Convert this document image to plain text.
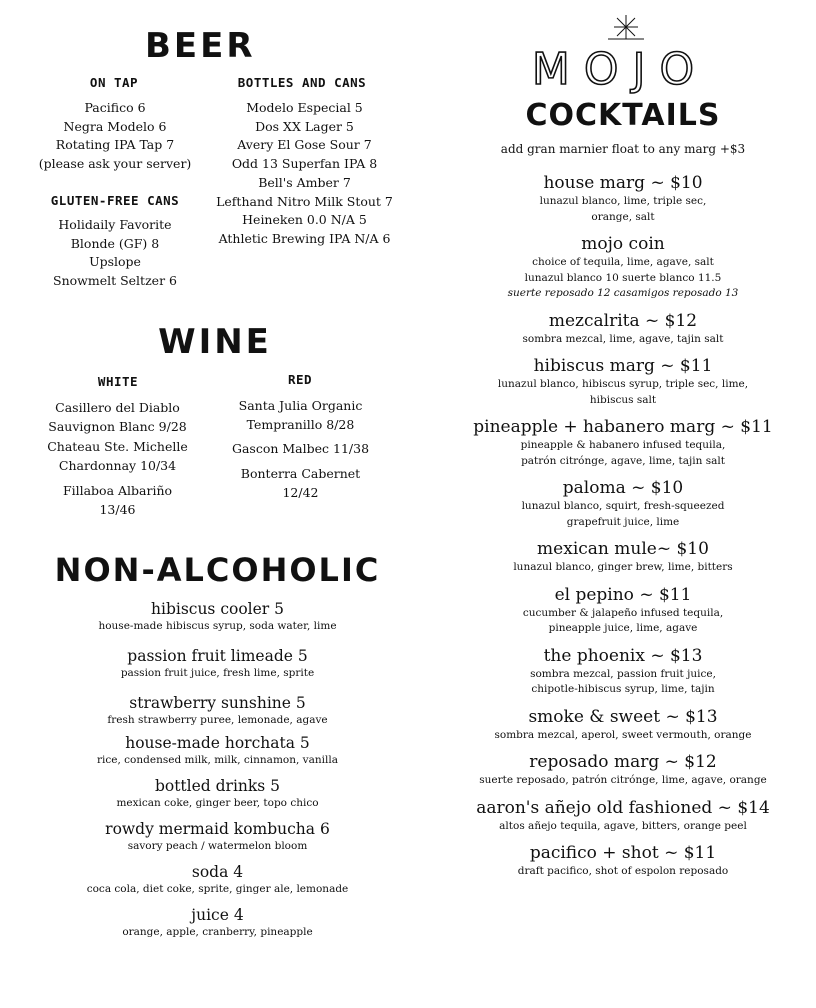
BEER
ON TAP
Pacifico 6
Negra Modelo 6
Rotating IPA Tap 7
(please ask your server)
GLUTEN-FREE CANS
Holidaily Favorite
Blonde (GF) 8
Upslope
Snowmelt Seltzer 6
BOTTLES AND CANS
Modelo Especial 5
Dos XX Lager 5
Avery El Gose Sour 7
Odd 13 Superfan IPA 8
Bell's Amber 7
Lefthand Nitro Milk Stout 7
Heineken 0.0 N/A 5
Athletic Brewing IPA N/A 6
WINE
WHITE
Casillero del Diablo
Sauvignon Blanc 9/28
Chateau Ste. Michelle
Chardonnay 10/34
Fillaboa Albariño
13/46
RED
Santa Julia Organic
Tempranillo 8/28
Gascon Malbec 11/38
Bonterra Cabernet
12/42
NON-ALCOHOLIC
hibiscus cooler 5
house-made hibiscus syrup, soda water, lime
passion fruit limeade 5
passion fruit juice, fresh lime, sprite
strawberry sunshine 5
fresh strawberry puree, lemonade, agave
house-made horchata 5
rice, condensed milk, milk, cinnamon, vanilla
bottled drinks 5
mexican coke, ginger beer, topo chico
rowdy mermaid kombucha 6
savory peach / watermelon bloom
soda 4
coca cola, diet coke, sprite, ginger ale, lemonade
juice 4
orange, apple, cranberry, pineapple
MOJO
COCKTAILS
add gran marnier float to any marg +$3
house marg ~ $10
lunazul blanco, lime, triple sec,
orange, salt
mojo coin
choice of tequila, lime, agave, salt
lunazul blanco 10 suerte blanco 11.5
suerte reposado 12 casamigos reposado 13
mezcalrita ~ $12
sombra mezcal, lime, agave, tajin salt
hibiscus marg ~ $11
lunazul blanco, hibiscus syrup, triple sec, lime,
hibiscus salt
pineapple + habanero marg ~ $11
pineapple & habanero infused tequila,
patrón citrónge, agave, lime, tajin salt
paloma ~ $10
lunazul blanco, squirt, fresh-squeezed
grapefruit juice, lime
mexican mule~ $10
lunazul blanco, ginger brew, lime, bitters
el pepino ~ $11
cucumber & jalapeño infused tequila,
pineapple juice, lime, agave
the phoenix ~ $13
sombra mezcal, passion fruit juice,
chipotle-hibiscus syrup, lime, tajin
smoke & sweet ~ $13
sombra mezcal, aperol, sweet vermouth, orange
reposado marg ~ $12
suerte reposado, patrón citrónge, lime, agave, orange
aaron's añejo old fashioned ~ $14
altos añejo tequila, agave, bitters, orange peel
pacifico + shot ~ $11
draft pacifico, shot of espolon reposado
